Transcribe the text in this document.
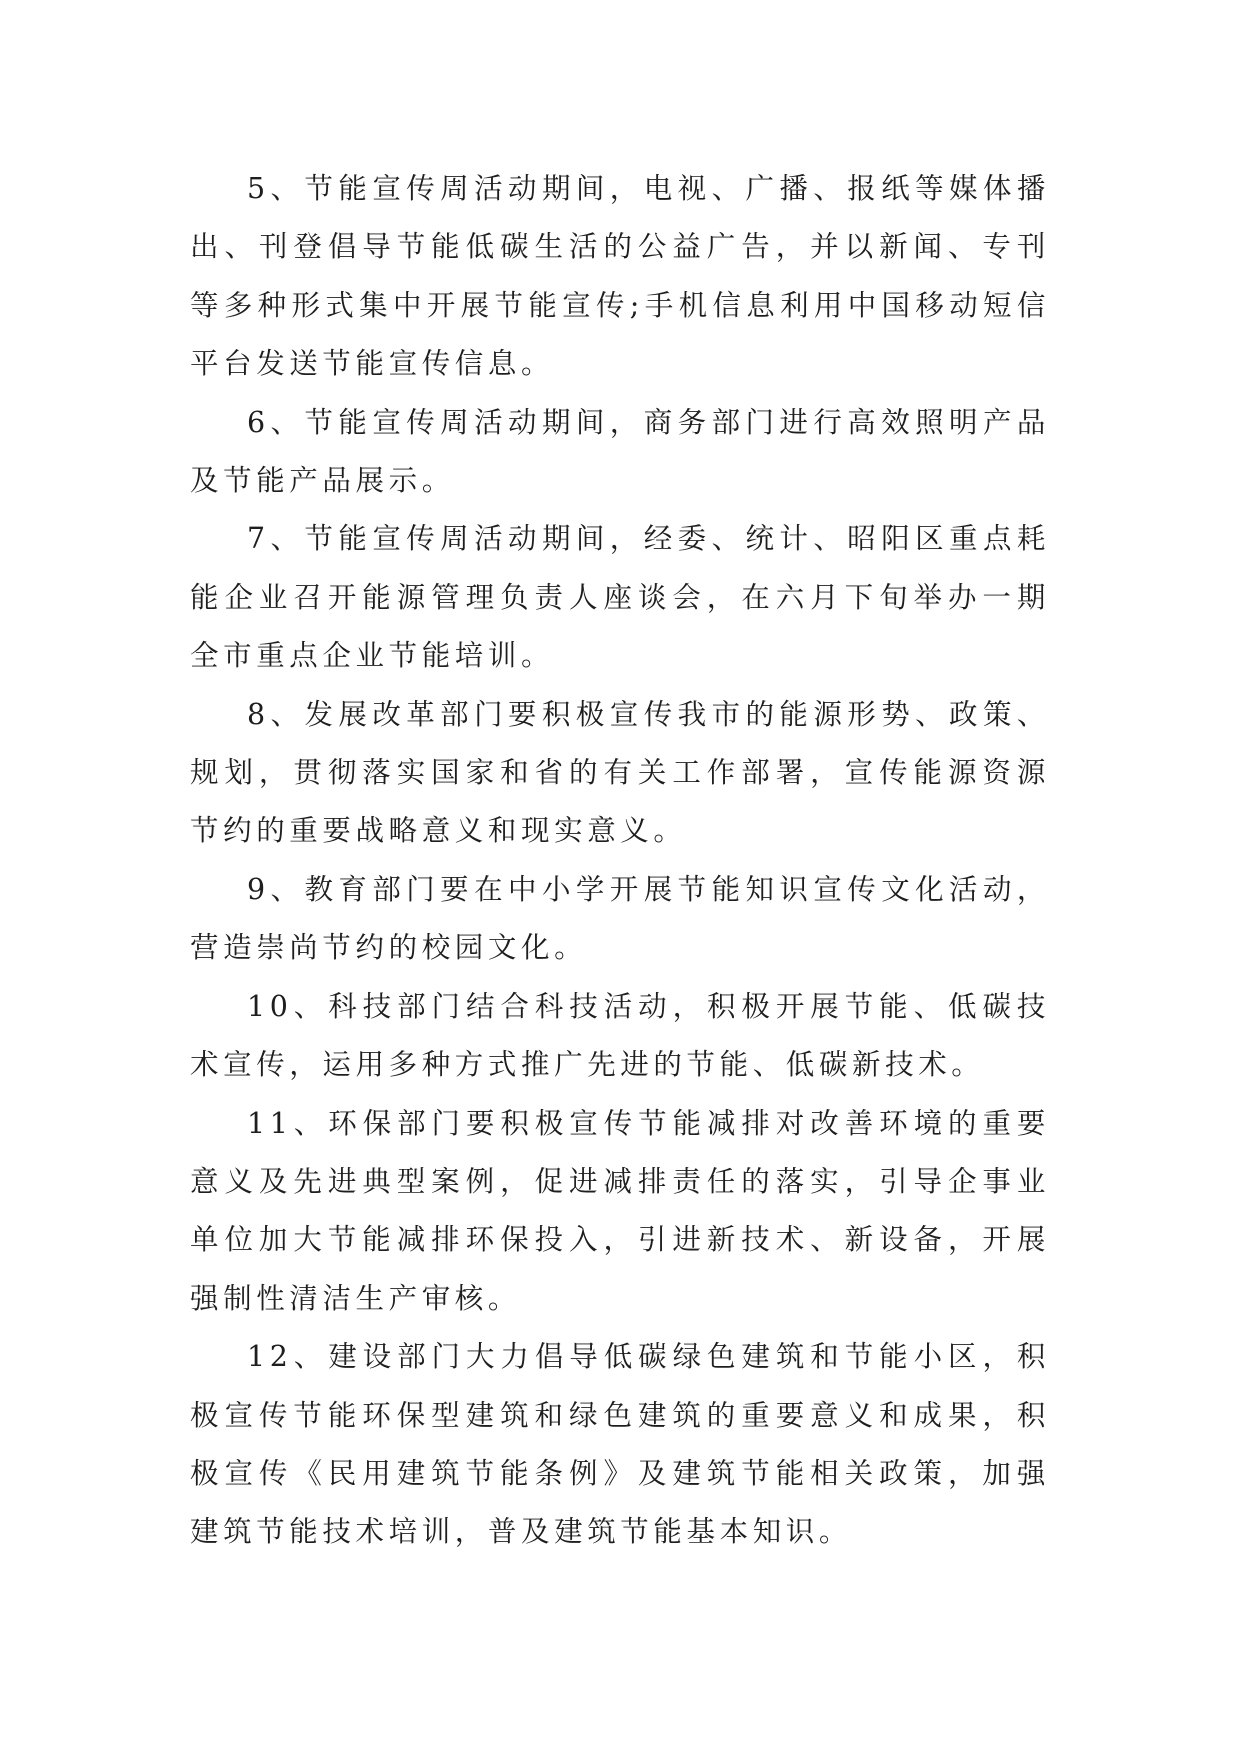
5、节能宣传周活动期间，电视、广播、报纸等媒体播出、刊登倡导节能低碳生活的公益广告，并以新闻、专刊等多种形式集中开展节能宣传;手机信息利用中国移动短信平台发送节能宣传信息。

6、节能宣传周活动期间，商务部门进行高效照明产品及节能产品展示。

7、节能宣传周活动期间，经委、统计、昭阳区重点耗能企业召开能源管理负责人座谈会，在六月下旬举办一期全市重点企业节能培训。

8、发展改革部门要积极宣传我市的能源形势、政策、规划，贯彻落实国家和省的有关工作部署，宣传能源资源节约的重要战略意义和现实意义。

9、教育部门要在中小学开展节能知识宣传文化活动，营造崇尚节约的校园文化。

10、科技部门结合科技活动，积极开展节能、低碳技术宣传，运用多种方式推广先进的节能、低碳新技术。

11、环保部门要积极宣传节能减排对改善环境的重要意义及先进典型案例，促进减排责任的落实，引导企事业单位加大节能减排环保投入，引进新技术、新设备，开展强制性清洁生产审核。

12、建设部门大力倡导低碳绿色建筑和节能小区，积极宣传节能环保型建筑和绿色建筑的重要意义和成果，积极宣传《民用建筑节能条例》及建筑节能相关政策，加强建筑节能技术培训，普及建筑节能基本知识。
